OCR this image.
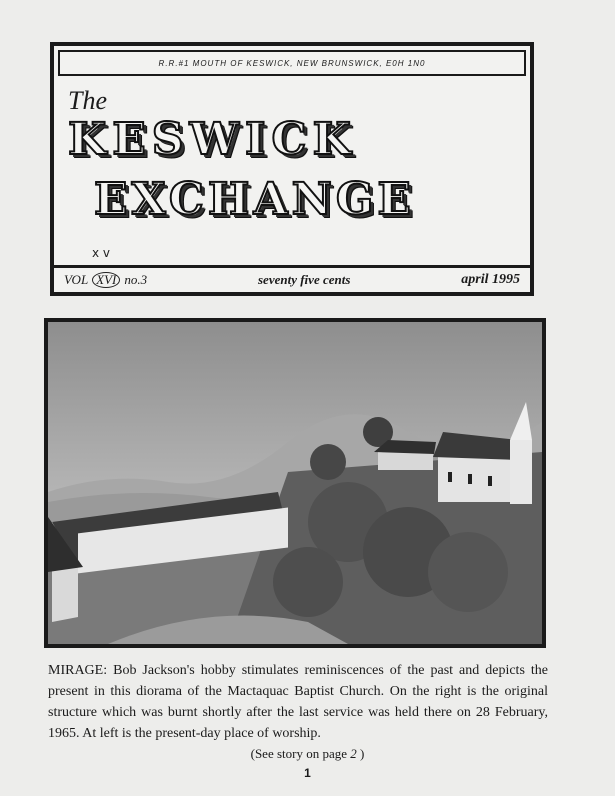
R.R.#1 MOUTH OF KESWICK, NEW BRUNSWICK, E0H 1N0
The
KESWICK
EXCHANGE
x v
VOL XVI no.3	seventy five cents	april 1995
MIRAGE: Bob Jackson's hobby stimulates reminiscences of the past and depicts the present in this diorama of the Mactaquac Baptist Church. On the right is the original structure which was burnt shortly after the last service was held there on 28 February, 1965. At left is the present-day place of worship.
(See story on page 2 )
1
